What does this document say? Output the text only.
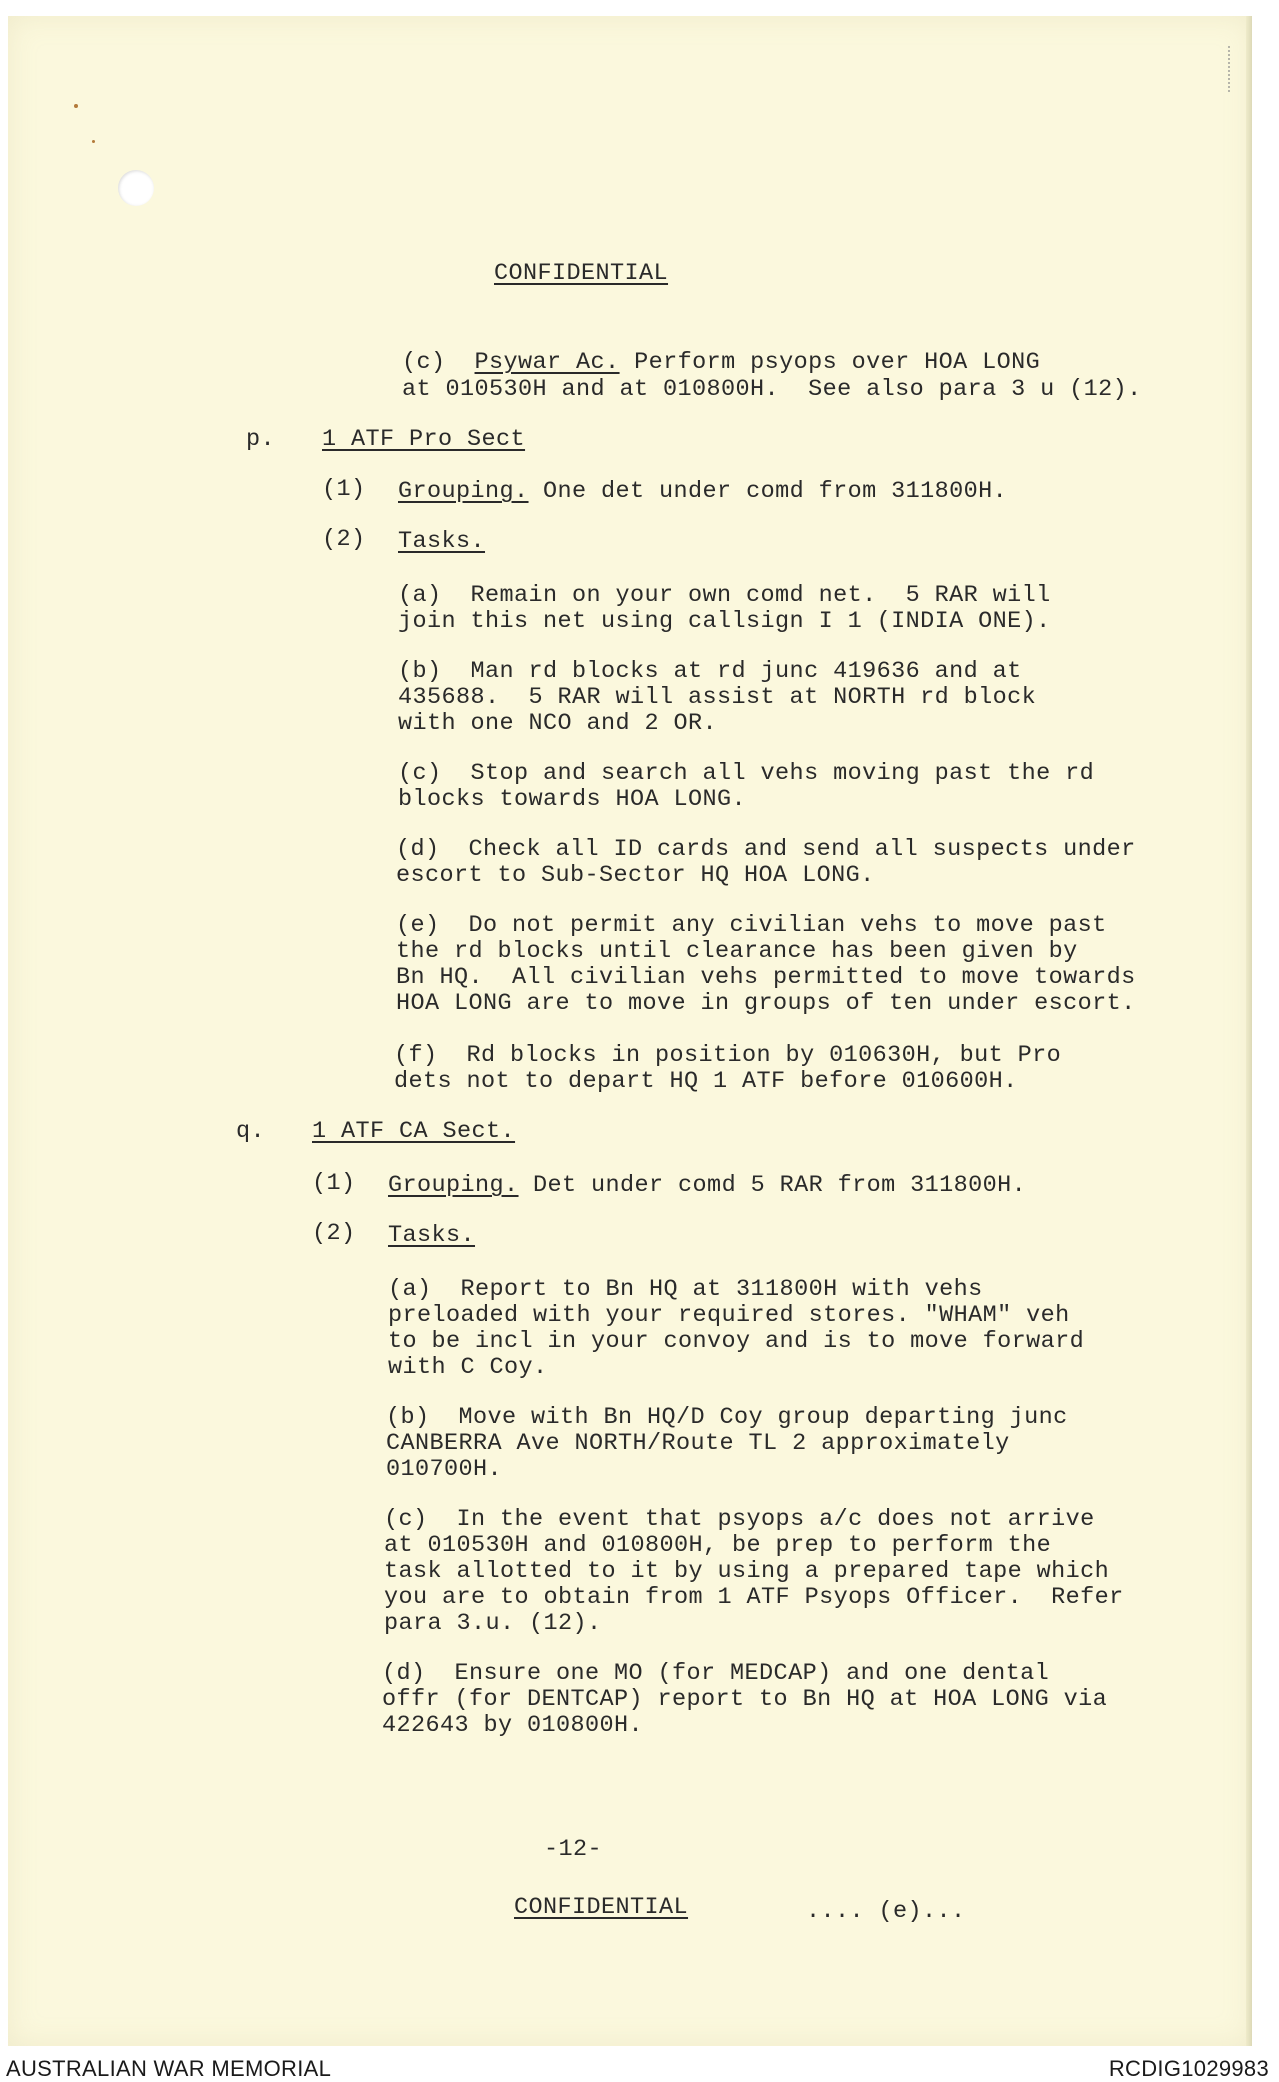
CONFIDENTIAL
(c) Psywar Ac. Perform psyops over HOA LONG
at 010530H and at 010800H.  See also para 3 u (12).
p. 1 ATF Pro Sect
(1) Grouping. One det under comd from 311800H.
(2) Tasks.
(a)  Remain on your own comd net.  5 RAR will
join this net using callsign I 1 (INDIA ONE).
(b)  Man rd blocks at rd junc 419636 and at
435688.  5 RAR will assist at NORTH rd block
with one NCO and 2 OR.
(c)  Stop and search all vehs moving past the rd
blocks towards HOA LONG.
(d)  Check all ID cards and send all suspects under
escort to Sub-Sector HQ HOA LONG.
(e)  Do not permit any civilian vehs to move past
the rd blocks until clearance has been given by
Bn HQ.  All civilian vehs permitted to move towards
HOA LONG are to move in groups of ten under escort.
(f)  Rd blocks in position by 010630H, but Pro
dets not to depart HQ 1 ATF before 010600H.
q. 1 ATF CA Sect.
(1) Grouping. Det under comd 5 RAR from 311800H.
(2) Tasks.
(a)  Report to Bn HQ at 311800H with vehs
preloaded with your required stores. "WHAM" veh
to be incl in your convoy and is to move forward
with C Coy.
(b)  Move with Bn HQ/D Coy group departing junc
CANBERRA Ave NORTH/Route TL 2 approximately
010700H.
(c)  In the event that psyops a/c does not arrive
at 010530H and 010800H, be prep to perform the
task allotted to it by using a prepared tape which
you are to obtain from 1 ATF Psyops Officer.  Refer
para 3.u. (12).
(d)  Ensure one MO (for MEDCAP) and one dental
offr (for DENTCAP) report to Bn HQ at HOA LONG via
422643 by 010800H.
-12-
CONFIDENTIAL	.... (e)...
AUSTRALIAN WAR MEMORIAL	RCDIG1029983
